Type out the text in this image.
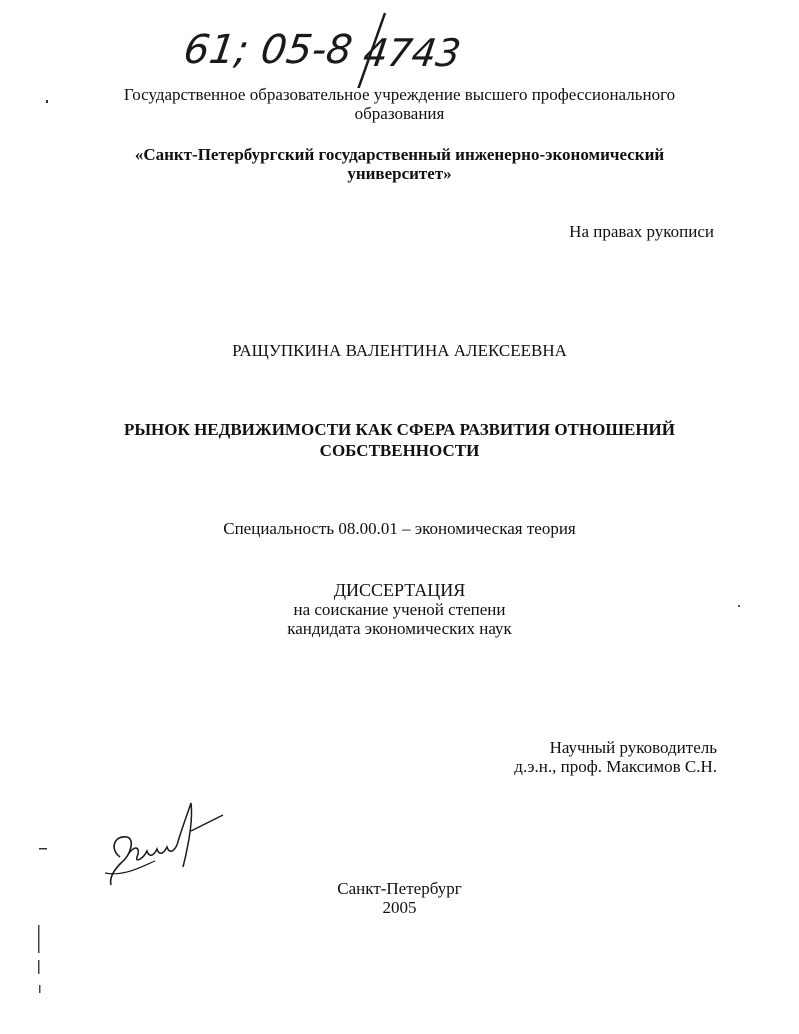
61; 05-8 4743
Государственное образовательное учреждение высшего профессионального
образования
«Санкт-Петербургский государственный инженерно-экономический
университет»
На правах рукописи
РАЩУПКИНА ВАЛЕНТИНА АЛЕКСЕЕВНА
РЫНОК НЕДВИЖИМОСТИ КАК СФЕРА РАЗВИТИЯ ОТНОШЕНИЙ
СОБСТВЕННОСТИ
Специальность 08.00.01 – экономическая теория
ДИССЕРТАЦИЯ
на соискание ученой степени
кандидата экономических наук
Научный руководитель
д.э.н., проф. Максимов С.Н.
Санкт-Петербург
2005
